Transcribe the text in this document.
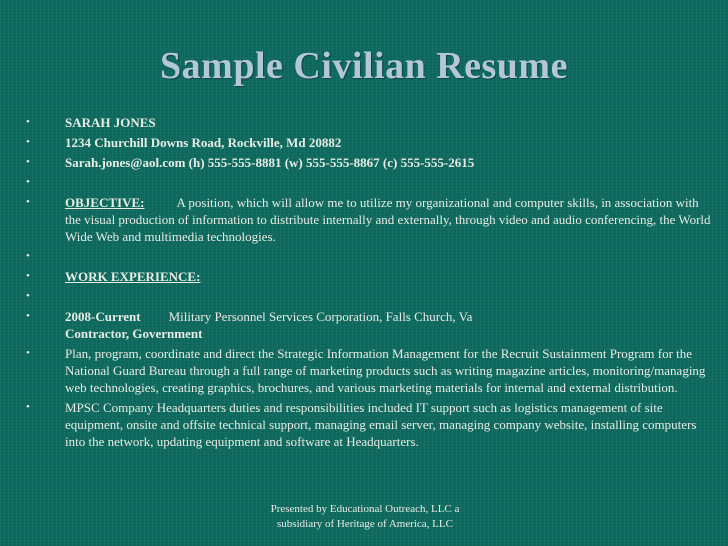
Sample Civilian Resume
•	SARAH JONES
•	1234 Churchill Downs Road, Rockville, Md 20882
•	Sarah.jones@aol.com (h) 555-555-8881 (w) 555-555-8867 (c) 555-555-2615
•

•	OBJECTIVE: A position, which will allow me to utilize my organizational and computer skills, in association with the visual production of information to distribute internally and externally, through video and audio conferencing, the World Wide Web and multimedia technologies.
•

•	WORK EXPERIENCE:
•

•	2008-Current Military Personnel Services Corporation, Falls Church, Va
Contractor, Government
•	Plan, program, coordinate and direct the Strategic Information Management for the Recruit Sustainment Program for the National Guard Bureau through a full range of marketing products such as writing magazine articles, monitoring/managing web technologies, creating graphics, brochures, and various marketing materials for internal and external distribution.
•	MPSC Company Headquarters duties and responsibilities included IT support such as logistics management of site equipment, onsite and offsite technical support, managing email server, managing company website, installing computers into the network, updating equipment and software at Headquarters.
Presented by Educational Outreach, LLC a
subsidiary of Heritage of America, LLC
